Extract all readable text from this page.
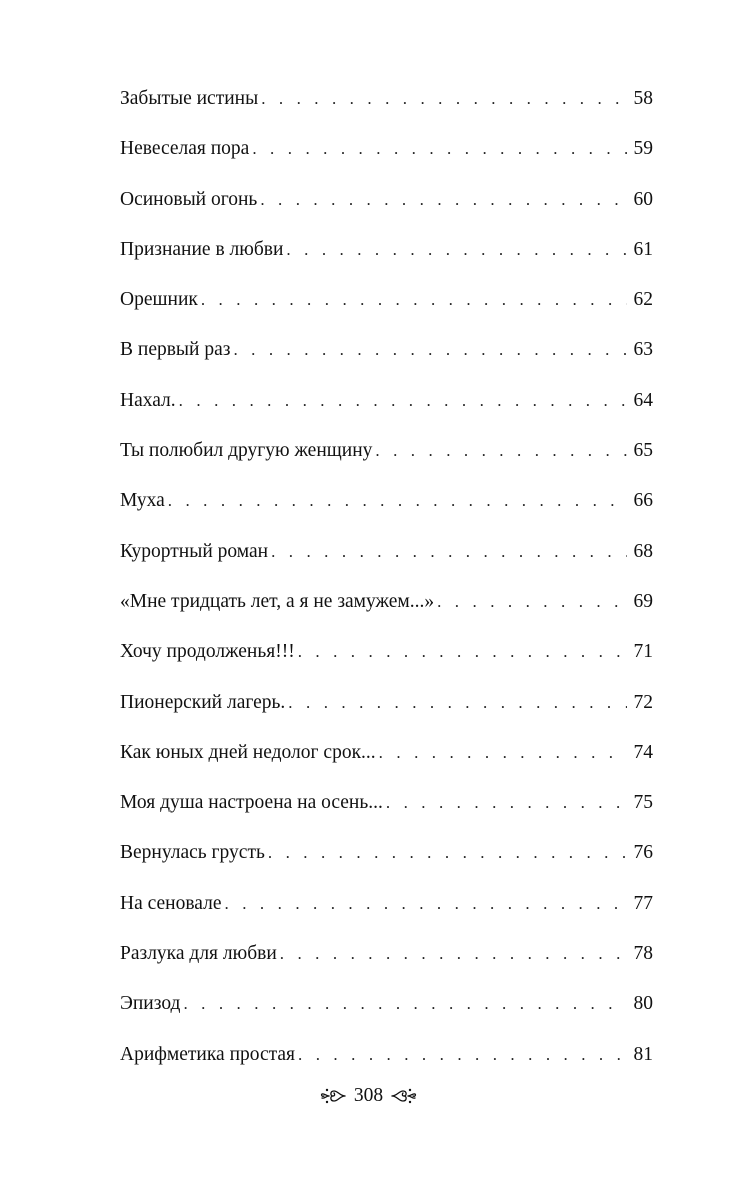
Забытые истины . . .	58
Невеселая пора . . .	59
Осиновый огонь . . .	60
Признание в любви . . .	61
Орешник . . .	62
В первый раз . . .	63
Нахал. . . .	64
Ты полюбил другую женщину . . .	65
Муха . . .	66
Курортный роман . . .	68
«Мне тридцать лет, а я не замужем...» . . .	69
Хочу продолженья!!! . . .	71
Пионерский лагерь. . . .	72
Как юных дней недолог срок... . . .	74
Моя душа настроена на осень... . . .	75
Вернулась грусть . . .	76
На сеновале . . .	77
Разлука для любви . . .	78
Эпизод . . .	80
Арифметика простая . . .	81
308
